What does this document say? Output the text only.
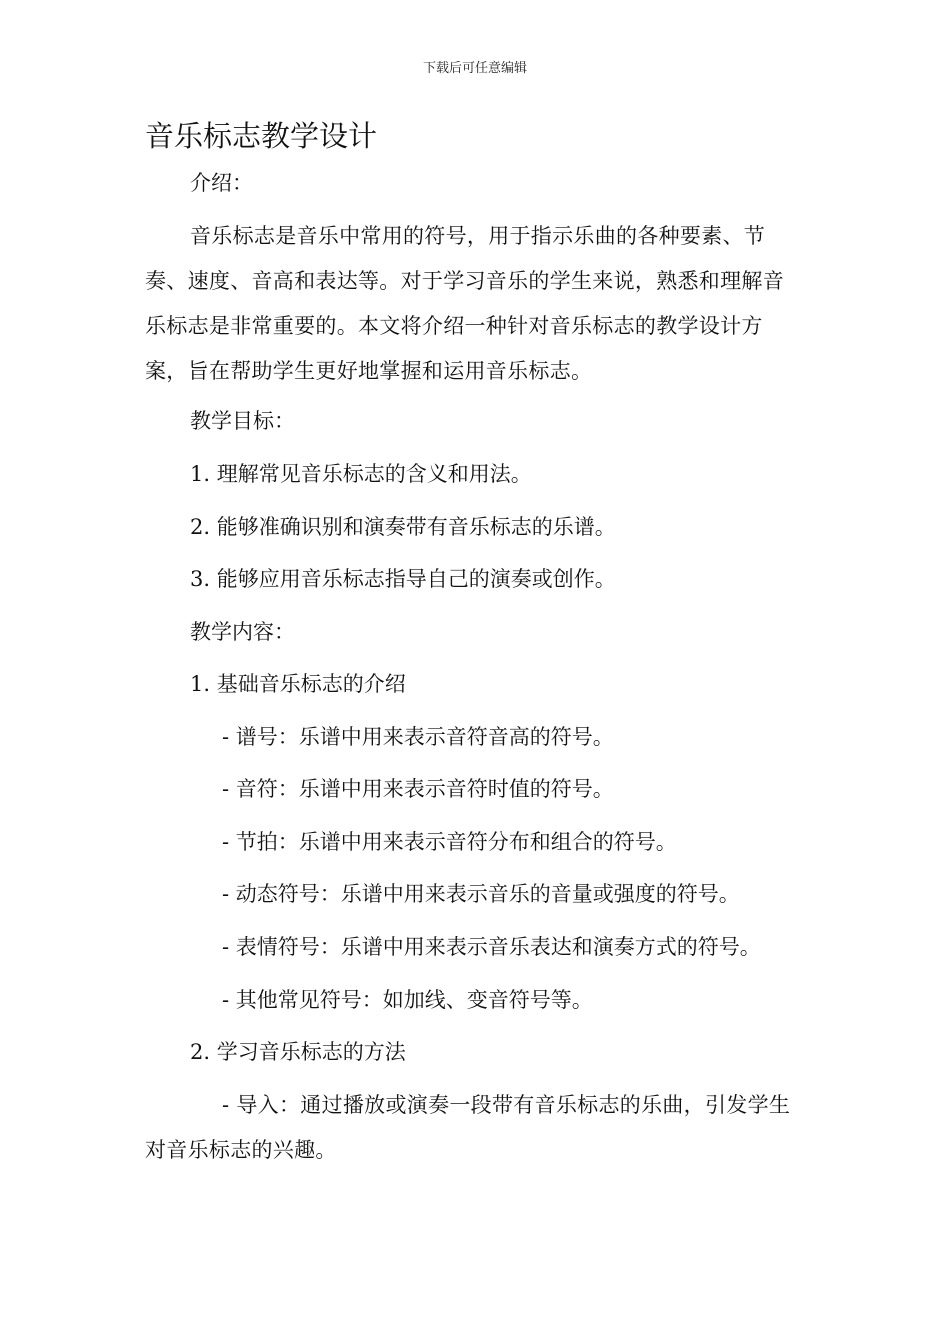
下载后可任意编辑
音乐标志教学设计
介绍：

音乐标志是音乐中常用的符号，用于指示乐曲的各种要素、节奏、速度、音高和表达等。对于学习音乐的学生来说，熟悉和理解音乐标志是非常重要的。本文将介绍一种针对音乐标志的教学设计方案，旨在帮助学生更好地掌握和运用音乐标志。

教学目标：
1. 理解常见音乐标志的含义和用法。
2. 能够准确识别和演奏带有音乐标志的乐谱。
3. 能够应用音乐标志指导自己的演奏或创作。
教学内容：
1. 基础音乐标志的介绍
- 谱号：乐谱中用来表示音符音高的符号。
- 音符：乐谱中用来表示音符时值的符号。
- 节拍：乐谱中用来表示音符分布和组合的符号。
- 动态符号：乐谱中用来表示音乐的音量或强度的符号。
- 表情符号：乐谱中用来表示音乐表达和演奏方式的符号。
- 其他常见符号：如加线、变音符号等。
2. 学习音乐标志的方法

- 导入：通过播放或演奏一段带有音乐标志的乐曲，引发学生对音乐标志的兴趣。
